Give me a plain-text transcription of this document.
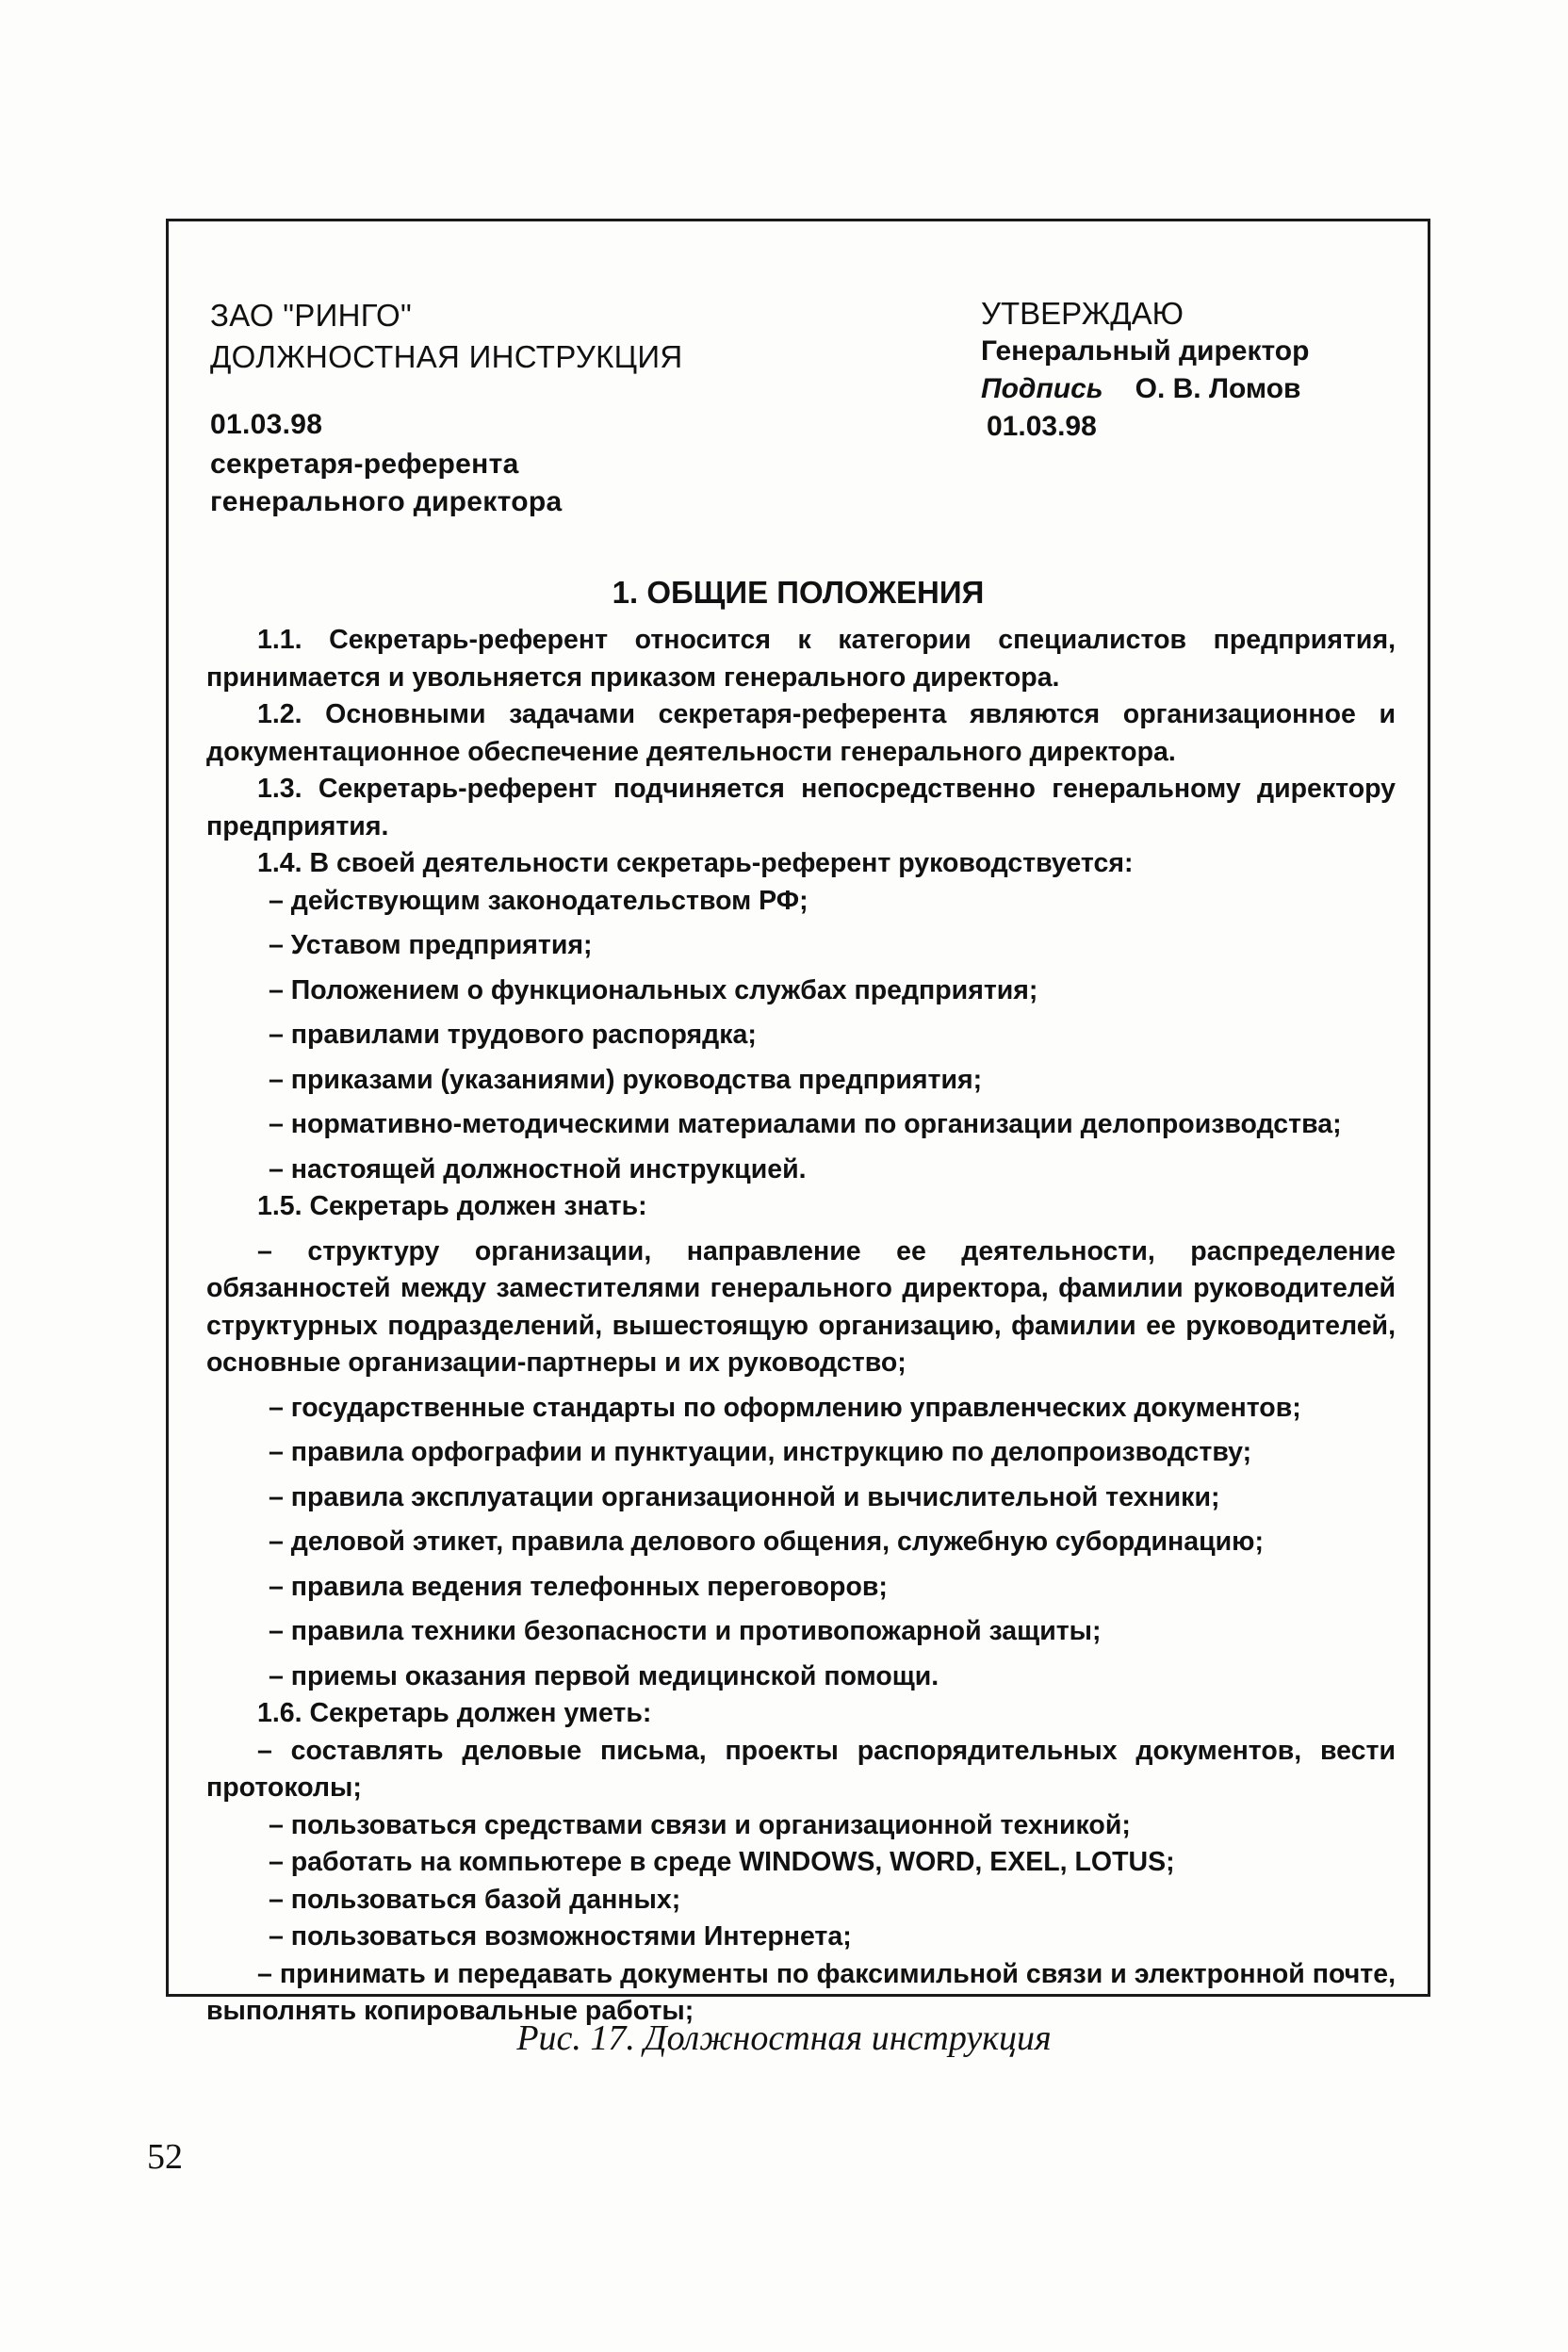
ЗАО "РИНГО"
ДОЛЖНОСТНАЯ ИНСТРУКЦИЯ
01.03.98
секретаря-референта
генерального директора
УТВЕРЖДАЮ
Генеральный директор
Подпись О. В. Ломов
01.03.98
1. ОБЩИЕ ПОЛОЖЕНИЯ

1.1. Секретарь-референт относится к категории специалистов предприятия, принимается и увольняется приказом генерального директора.

1.2. Основными задачами секретаря-референта являются организационное и документационное обеспечение деятельности генерального директора.

1.3. Секретарь-референт подчиняется непосредственно генеральному директору предприятия.

1.4. В своей деятельности секретарь-референт руководствуется:

– действующим законодательством РФ;

– Уставом предприятия;

– Положением о функциональных службах предприятия;

– правилами трудового распорядка;

– приказами (указаниями) руководства предприятия;

– нормативно-методическими материалами по организации делопроизводства;

– настоящей должностной инструкцией.

1.5. Секретарь должен знать:

– структуру организации, направление ее деятельности, распределение обязанностей между заместителями генерального директора, фамилии руководителей структурных подразделений, вышестоящую организацию, фамилии ее руководителей, основные организации-партнеры и их руководство;

– государственные стандарты по оформлению управленческих документов;

– правила орфографии и пунктуации, инструкцию по делопроизводству;

– правила эксплуатации организационной и вычислительной техники;

– деловой этикет, правила делового общения, служебную субординацию;

– правила ведения телефонных переговоров;

– правила техники безопасности и противопожарной защиты;

– приемы оказания первой медицинской помощи.

1.6. Секретарь должен уметь:

– составлять деловые письма, проекты распорядительных документов, вести протоколы;

– пользоваться средствами связи и организационной техникой;

– работать на компьютере в среде WINDOWS, WORD, EXEL, LOTUS;

– пользоваться базой данных;

– пользоваться возможностями Интернета;

– принимать и передавать документы по факсимильной связи и электронной почте, выполнять копировальные работы;

Рис. 17. Должностная инструкция
52
